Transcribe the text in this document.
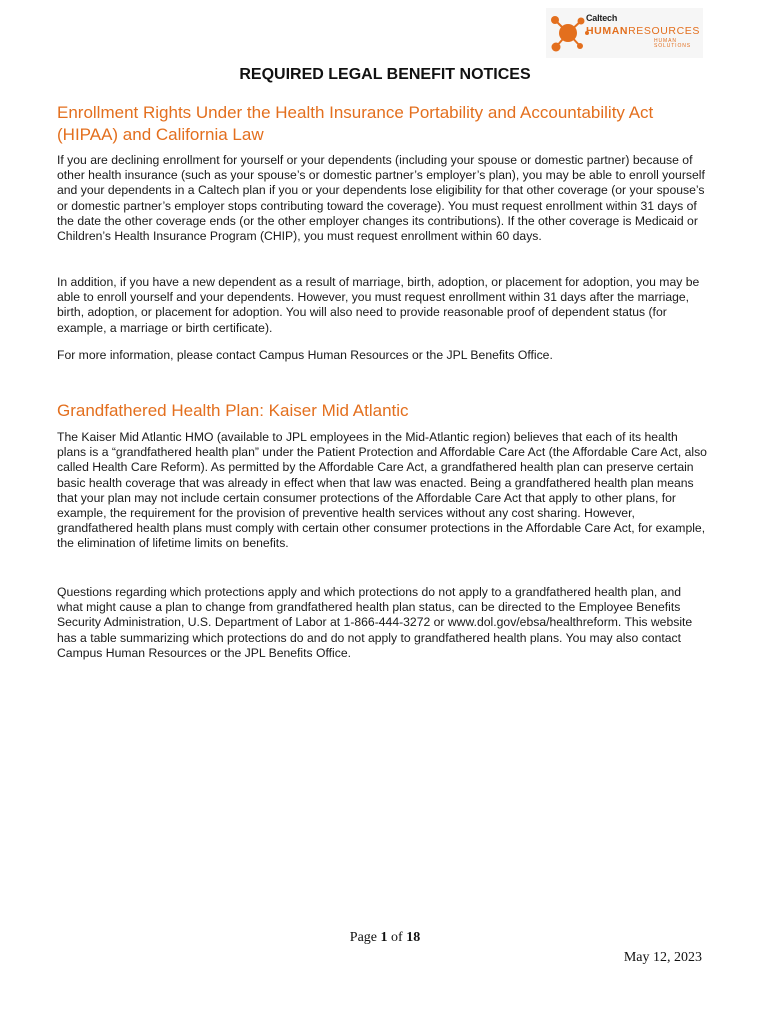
Caltech
HUMANRESOURCES
HUMAN SOLUTIONS
REQUIRED LEGAL BENEFIT NOTICES
Enrollment Rights Under the Health Insurance Portability and Accountability Act (HIPAA) and California Law

If you are declining enrollment for yourself or your dependents (including your spouse or domestic partner) because of other health insurance (such as your spouse’s or domestic partner’s employer’s plan), you may be able to enroll yourself and your dependents in a Caltech plan if you or your dependents lose eligibility for that other coverage (or your spouse’s or domestic partner’s employer stops contributing toward the coverage). You must request enrollment within 31 days of the date the other coverage ends (or the other employer changes its contributions). If the other coverage is Medicaid or Children’s Health Insurance Program (CHIP), you must request enrollment within 60 days.

In addition, if you have a new dependent as a result of marriage, birth, adoption, or placement for adoption, you may be able to enroll yourself and your dependents. However, you must request enrollment within 31 days after the marriage, birth, adoption, or placement for adoption. You will also need to provide reasonable proof of dependent status (for example, a marriage or birth certificate).

For more information, please contact Campus Human Resources or the JPL Benefits Office.

Grandfathered Health Plan: Kaiser Mid Atlantic

The Kaiser Mid Atlantic HMO (available to JPL employees in the Mid-Atlantic region) believes that each of its health plans is a “grandfathered health plan” under the Patient Protection and Affordable Care Act (the Affordable Care Act, also called Health Care Reform). As permitted by the Affordable Care Act, a grandfathered health plan can preserve certain basic health coverage that was already in effect when that law was enacted. Being a grandfathered health plan means that your plan may not include certain consumer protections of the Affordable Care Act that apply to other plans, for example, the requirement for the provision of preventive health services without any cost sharing. However, grandfathered health plans must comply with certain other consumer protections in the Affordable Care Act, for example, the elimination of lifetime limits on benefits.

Questions regarding which protections apply and which protections do not apply to a grandfathered health plan, and what might cause a plan to change from grandfathered health plan status, can be directed to the Employee Benefits Security Administration, U.S. Department of Labor at 1-866-444-3272 or www.dol.gov/ebsa/healthreform. This website has a table summarizing which protections do and do not apply to grandfathered health plans. You may also contact Campus Human Resources or the JPL Benefits Office.

Page 1 of 18

May 12, 2023
